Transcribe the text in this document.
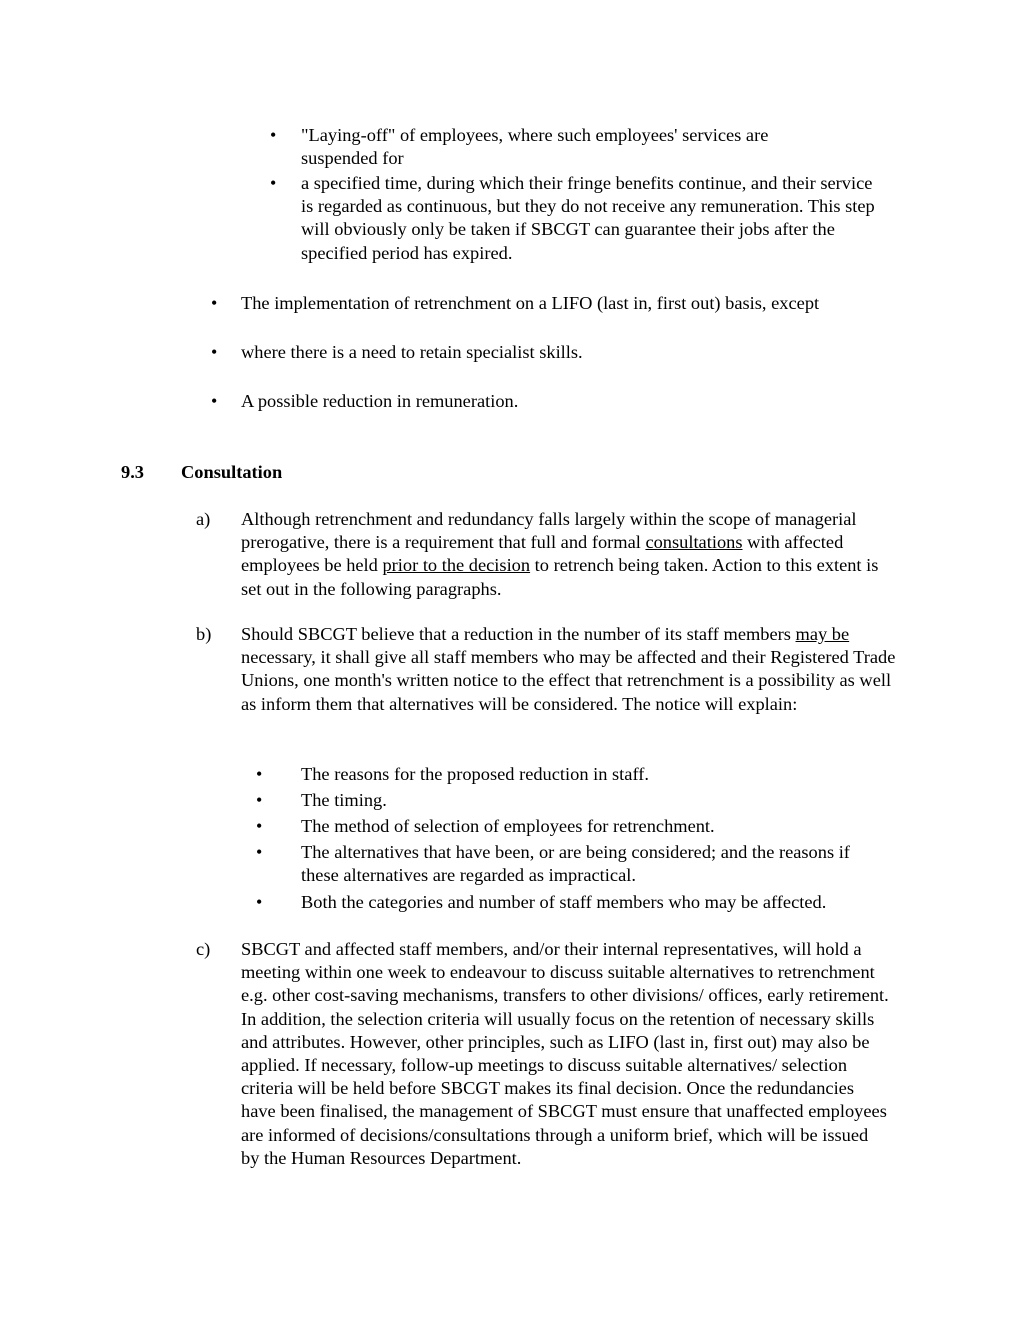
• "Laying-off" of employees, where such employees' services are suspended for
• a specified time, during which their fringe benefits continue, and their service is regarded as continuous, but they do not receive any remuneration. This step will obviously only be taken if SBCGT can guarantee their jobs after the specified period has expired.
• The implementation of retrenchment on a LIFO (last in, first out) basis, except
• where there is a need to retain specialist skills.
• A possible reduction in remuneration.
9.3 Consultation
a) Although retrenchment and redundancy falls largely within the scope of managerial prerogative, there is a requirement that full and formal consultations with affected employees be held prior to the decision to retrench being taken. Action to this extent is set out in the following paragraphs.
b) Should SBCGT believe that a reduction in the number of its staff members may be necessary, it shall give all staff members who may be affected and their Registered Trade Unions, one month's written notice to the effect that retrenchment is a possibility as well as inform them that alternatives will be considered. The notice will explain:
• The reasons for the proposed reduction in staff.
• The timing.
• The method of selection of employees for retrenchment.
• The alternatives that have been, or are being considered; and the reasons if these alternatives are regarded as impractical.
• Both the categories and number of staff members who may be affected.
c) SBCGT and affected staff members, and/or their internal representatives, will hold a meeting within one week to endeavour to discuss suitable alternatives to retrenchment e.g. other cost-saving mechanisms, transfers to other divisions/ offices, early retirement. In addition, the selection criteria will usually focus on the retention of necessary skills and attributes. However, other principles, such as LIFO (last in, first out) may also be applied. If necessary, follow-up meetings to discuss suitable alternatives/ selection criteria will be held before SBCGT makes its final decision. Once the redundancies have been finalised, the management of SBCGT must ensure that unaffected employees are informed of decisions/consultations through a uniform brief, which will be issued by the Human Resources Department.
